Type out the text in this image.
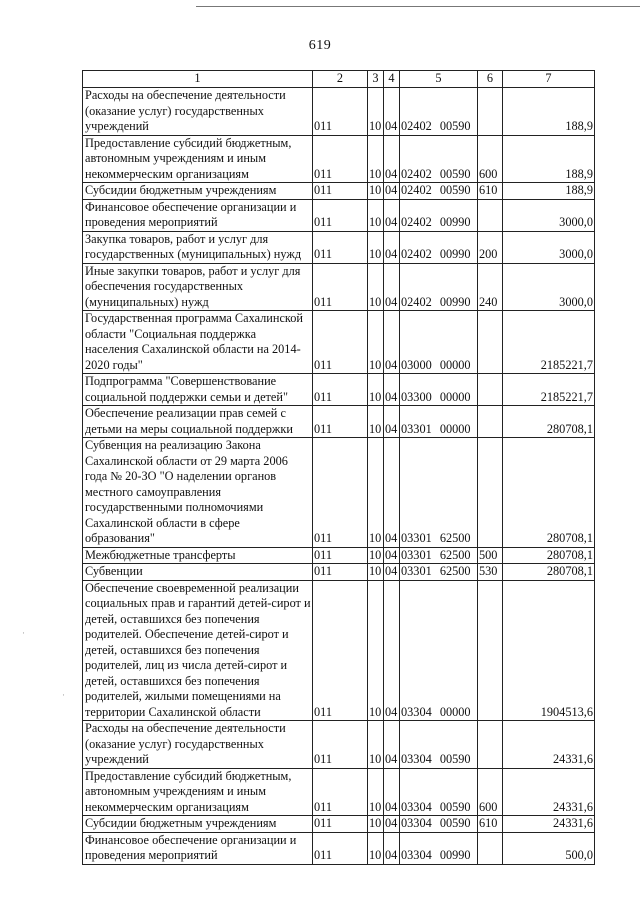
·
·
619
1	2	3	4	5	6	7
Расходы на обеспечение деятельности (оказание услуг) государственных учреждений	011	10	04	02402 00590		188,9
Предоставление субсидий бюджетным, автономным учреждениям и иным некоммерческим организациям	011	10	04	02402 00590	600	188,9
Субсидии бюджетным учреждениям	011	10	04	02402 00590	610	188,9
Финансовое обеспечение организации и проведения мероприятий	011	10	04	02402 00990		3000,0
Закупка товаров, работ и услуг для государственных (муниципальных) нужд	011	10	04	02402 00990	200	3000,0
Иные закупки товаров, работ и услуг для обеспечения государственных (муниципальных) нужд	011	10	04	02402 00990	240	3000,0
Государственная программа Сахалинской области "Социальная поддержка населения Сахалинской области на 2014-2020 годы"	011	10	04	03000 00000		2185221,7
Подпрограмма "Совершенствование социальной поддержки семьи и детей"	011	10	04	03300 00000		2185221,7
Обеспечение реализации прав семей с детьми на меры социальной поддержки	011	10	04	03301 00000		280708,1
Субвенция на реализацию Закона Сахалинской области от 29 марта 2006 года № 20-ЗО "О наделении органов местного самоуправления государственными полномочиями Сахалинской области в сфере образования"	011	10	04	03301 62500		280708,1
Межбюджетные трансферты	011	10	04	03301 62500	500	280708,1
Субвенции	011	10	04	03301 62500	530	280708,1
Обеспечение своевременной реализации социальных прав и гарантий детей-сирот и детей, оставшихся без попечения родителей. Обеспечение детей-сирот и детей, оставшихся без попечения родителей, лиц из числа детей-сирот и детей, оставшихся без попечения родителей, жилыми помещениями на территории Сахалинской области	011	10	04	03304 00000		1904513,6
Расходы на обеспечение деятельности (оказание услуг) государственных учреждений	011	10	04	03304 00590		24331,6
Предоставление субсидий бюджетным, автономным учреждениям и иным некоммерческим организациям	011	10	04	03304 00590	600	24331,6
Субсидии бюджетным учреждениям	011	10	04	03304 00590	610	24331,6
Финансовое обеспечение организации и проведения мероприятий	011	10	04	03304 00990		500,0
